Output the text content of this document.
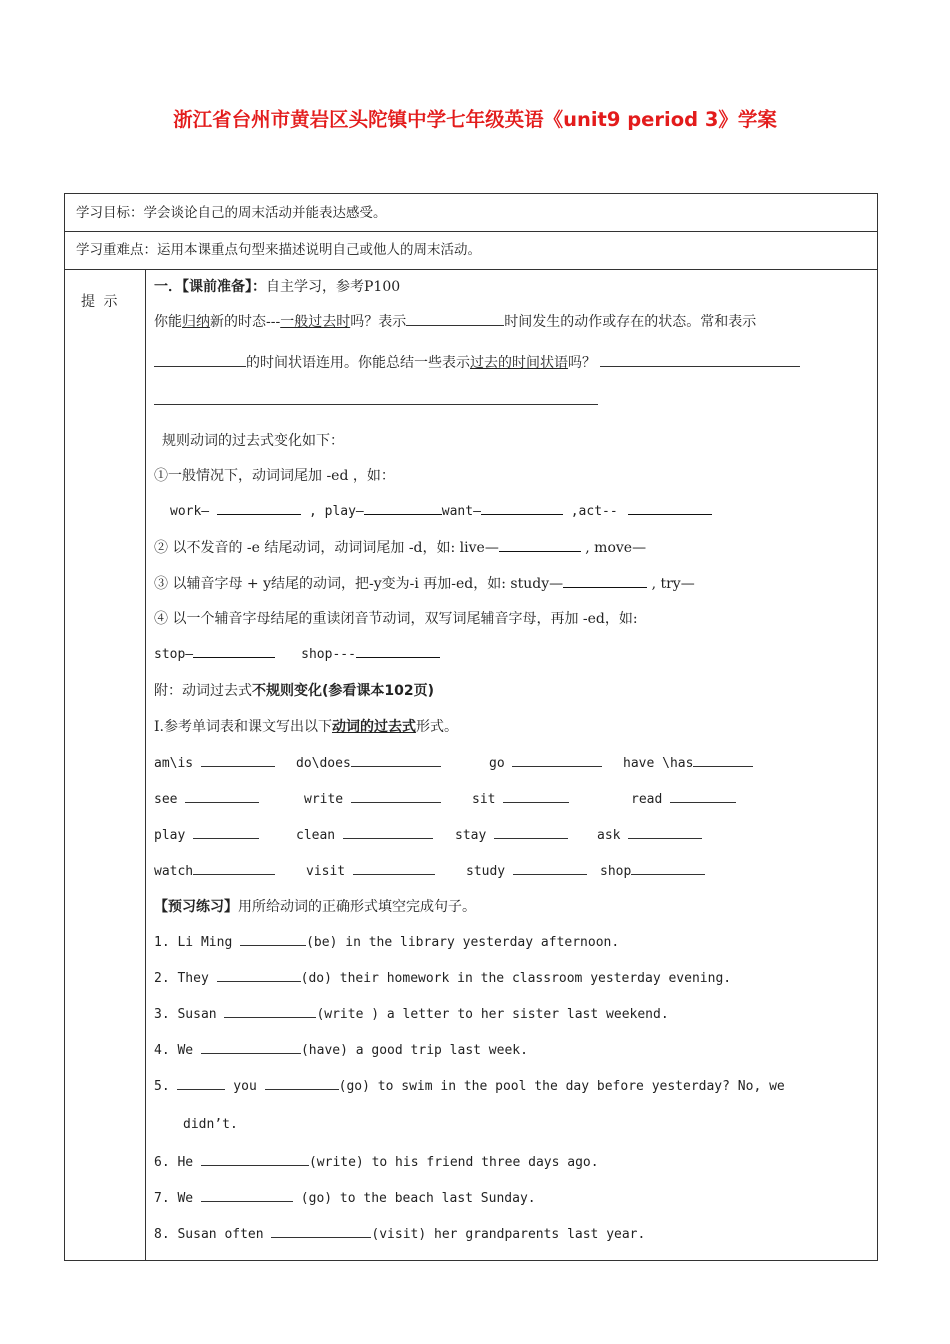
浙江省台州市黄岩区头陀镇中学七年级英语《unit9 period 3》学案
学习目标：学会谈论自己的周末活动并能表达感受。
学习重难点：运用本课重点句型来描述说明自己或他人的周末活动。
提 示
一．【课前准备】：自主学习，参考P100
你能归纳新的时态---一般过去时吗？表示	时间发生的动作或存在的状态。常和表示
的时间状语连用。你能总结一些表示过去的时间状语吗？
规则动词的过去式变化如下：
①一般情况下，动词词尾加 -ed ，如：
work—	, play—	want—	,act--
② 以不发音的 -e 结尾动词，动词词尾加 -d，如: live—	, move—
③ 以辅音字母 + y结尾的动词，把-y变为-i 再加-ed，如: study—	, try—
④ 以一个辅音字母结尾的重读闭音节动词，双写词尾辅音字母，再加 -ed，如:
stop—	shop---
附：动词过去式不规则变化(参看课本102页)
I.参考单词表和课文写出以下动词的过去式形式。
am\is	do\does	go	have \has
see	write	sit	read
play	clean	stay	ask
watch	visit	study	shop
【预习练习】用所给动词的正确形式填空完成句子。
1. Li Ming	(be) in the library yesterday afternoon.
2. They	(do) their homework in the classroom yesterday evening.
3. Susan	(write ) a letter to her sister last weekend.
4. We	(have) a good trip last week.
5.	you	(go) to swim in the pool the day before yesterday? No, we
didn’t.
6. He	(write) to his friend three days ago.
7. We	(go) to the beach last Sunday.
8. Susan often	(visit) her grandparents last year.
